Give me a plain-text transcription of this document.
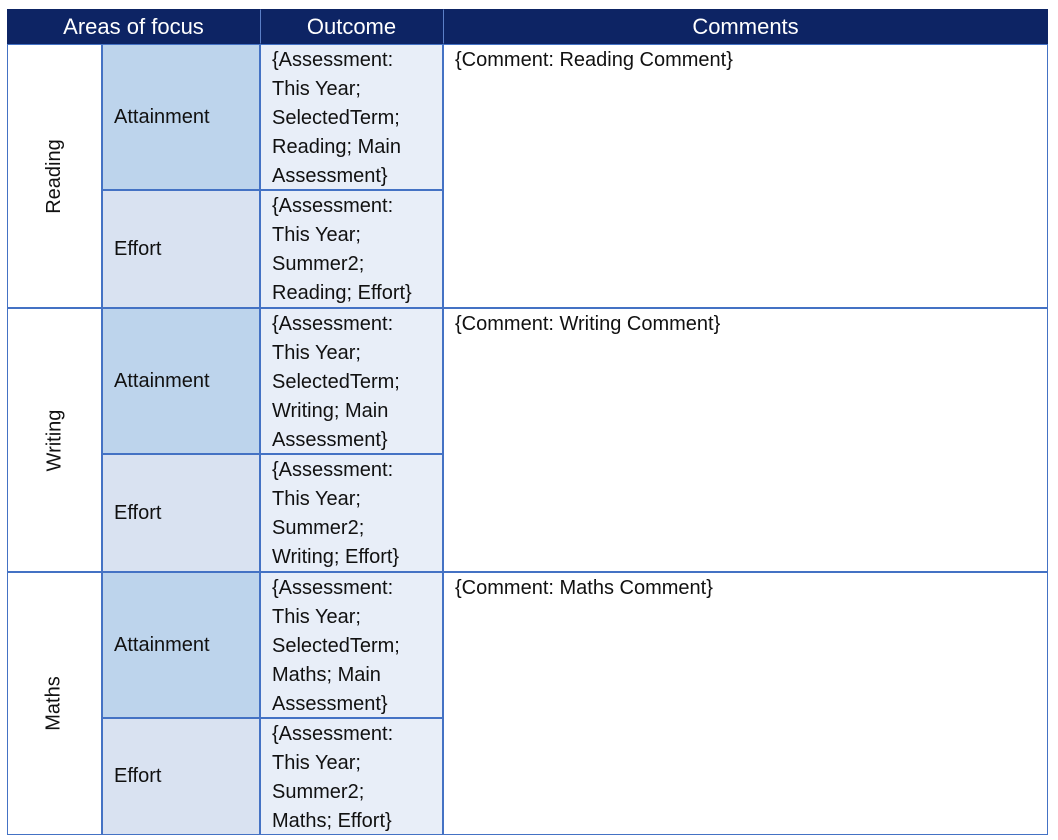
Areas of focus	Outcome	Comments
Reading
Attainment
{Assessment:
This Year;
SelectedTerm;
Reading; Main
Assessment}
Effort
{Assessment:
This Year;
Summer2;
Reading; Effort}
{Comment: Reading Comment}
Writing
Attainment
{Assessment:
This Year;
SelectedTerm;
Writing; Main
Assessment}
Effort
{Assessment:
This Year;
Summer2;
Writing; Effort}
{Comment: Writing Comment}
Maths
Attainment
{Assessment:
This Year;
SelectedTerm;
Maths; Main
Assessment}
Effort
{Assessment:
This Year;
Summer2;
Maths; Effort}
{Comment: Maths Comment}
